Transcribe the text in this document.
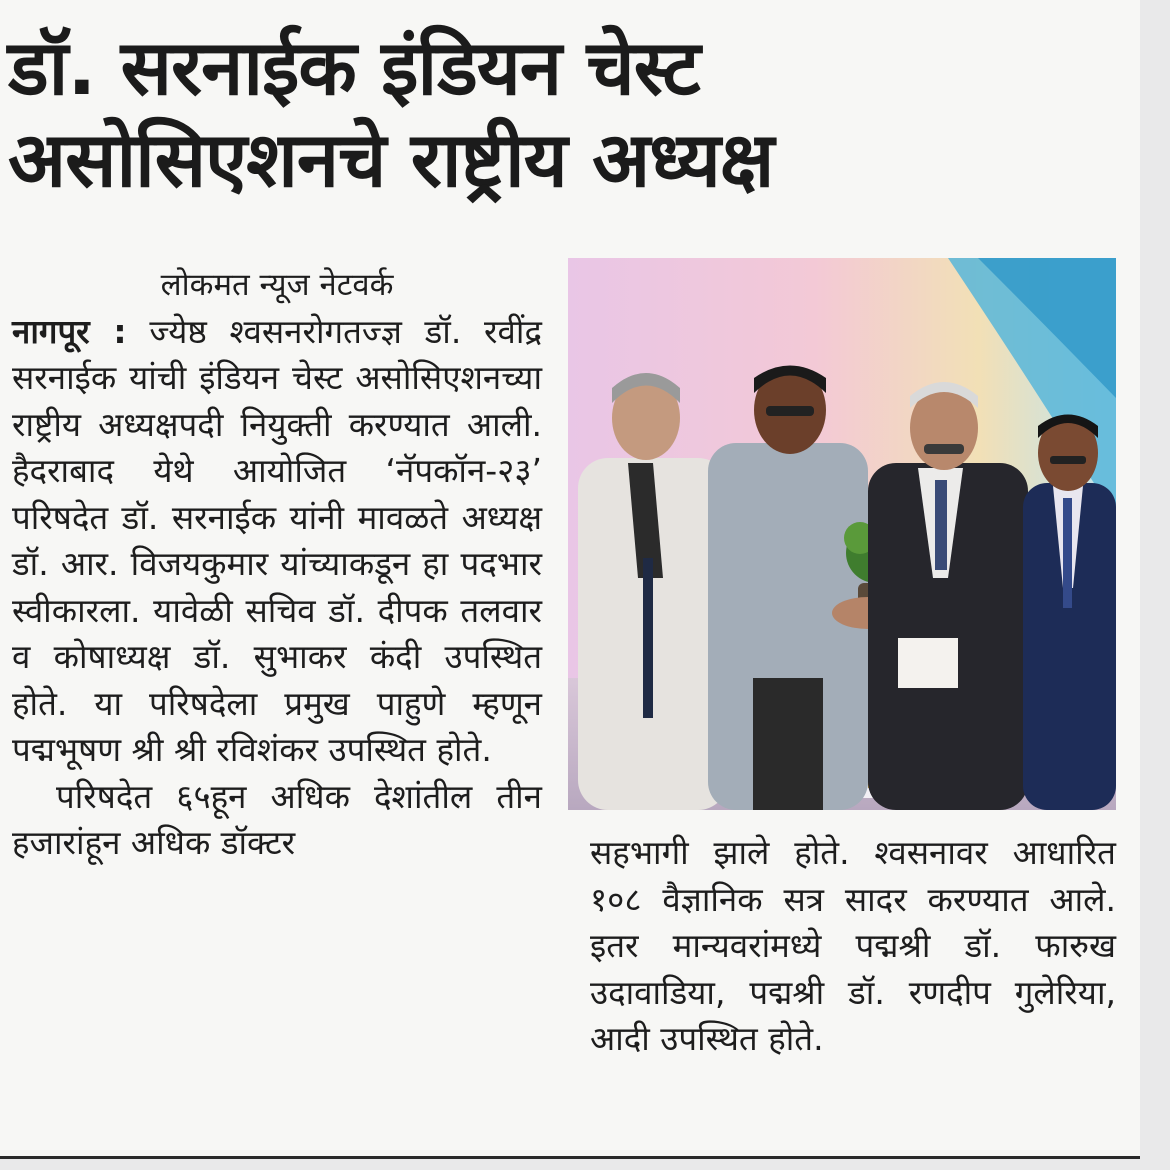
डॉ. सरनाईक इंडियन चेस्ट
असोसिएशनचे राष्ट्रीय अध्यक्ष
लोकमत न्यूज नेटवर्क

नागपूर : ज्येष्ठ श्वसनरोगतज्ज्ञ डॉ. रवींद्र सरनाईक यांची इंडियन चेस्ट असोसिएशनच्या राष्ट्रीय अध्यक्षपदी नियुक्ती करण्यात आली. हैदराबाद येथे आयोजित ‘नॅपकॉन-२३’ परिषदेत डॉ. सरनाईक यांनी मावळते अध्यक्ष डॉ. आर. विजयकुमार यांच्याकडून हा पदभार स्वीकारला. यावेळी सचिव डॉ. दीपक तलवार व कोषाध्यक्ष डॉ. सुभाकर कंदी उपस्थित होते. या परिषदेला प्रमुख पाहुणे म्हणून पद्मभूषण श्री श्री रविशंकर उपस्थित होते.

परिषदेत ६५हून अधिक देशांतील तीन हजारांहून अधिक डॉक्टर	सहभागी झाले होते. श्वसनावर आधारित १०८ वैज्ञानिक सत्र सादर करण्यात आले. इतर मान्यवरांमध्ये पद्मश्री डॉ. फारुख उदावाडिया, पद्मश्री डॉ. रणदीप गुलेरिया, आदी उपस्थित होते.
